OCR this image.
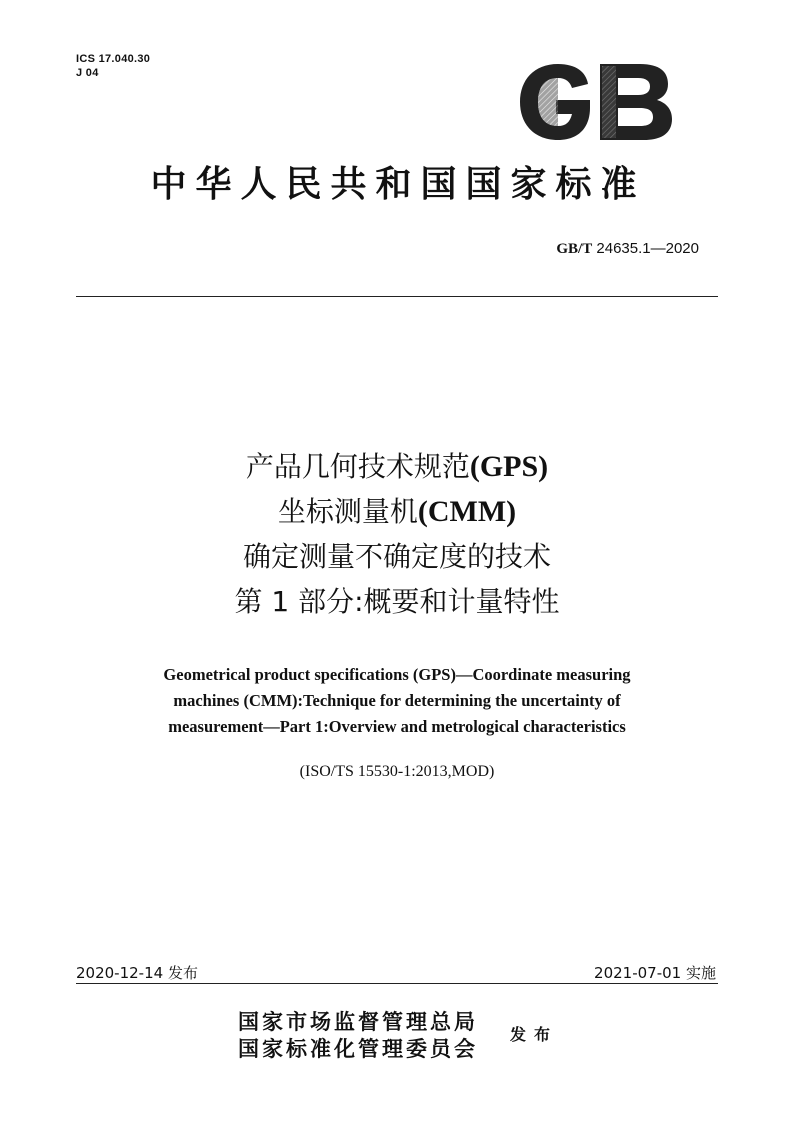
ICS 17.040.30
J 04
中华人民共和国国家标准
GB/T 24635.1—2020
产品几何技术规范(GPS)
坐标测量机(CMM)
确定测量不确定度的技术
第 1 部分:概要和计量特性
Geometrical product specifications (GPS)—Coordinate measuring
machines (CMM):Technique for determining the uncertainty of
measurement—Part 1:Overview and metrological characteristics
(ISO/TS 15530-1:2013,MOD)
2020-12-14 发布	2021-07-01 实施
国家市场监督管理总局
国家标准化管理委员会
发布
